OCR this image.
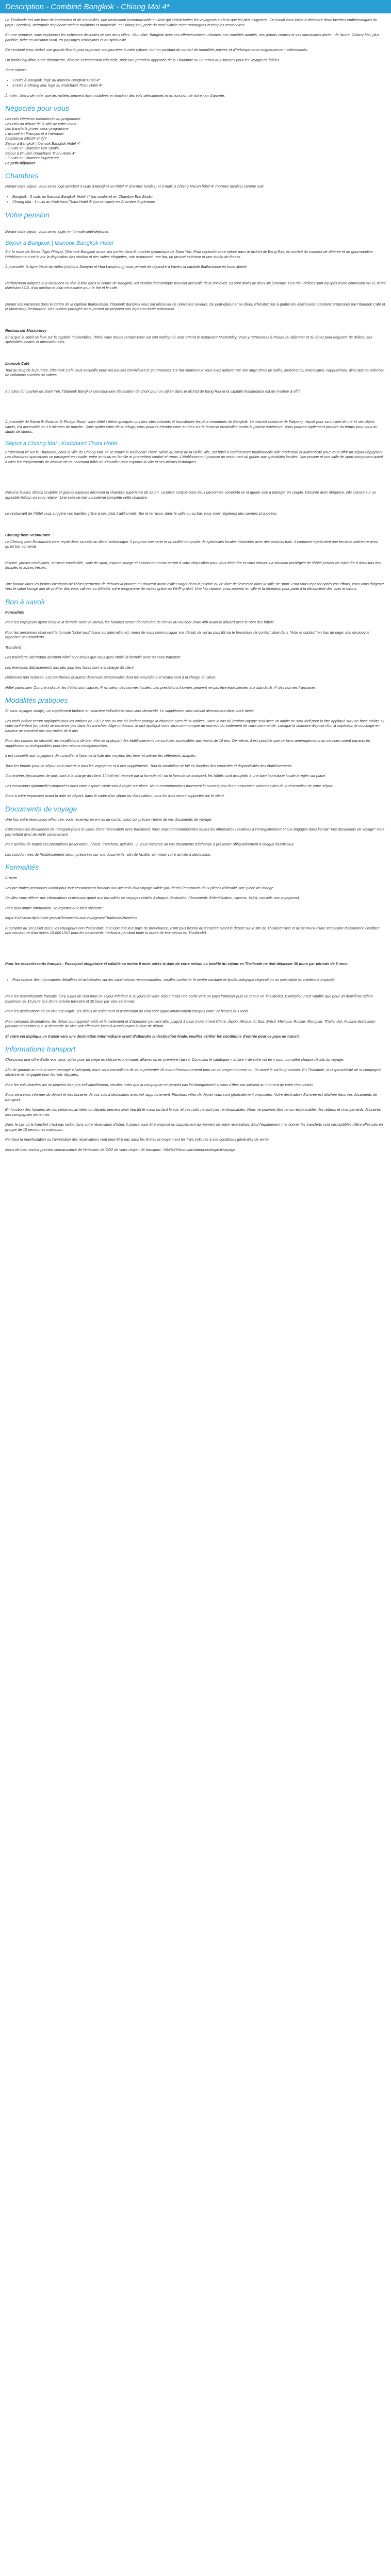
Description - Combiné Bangkok - Chiang Mai 4*

Le Thaïlande est une terre de contrastes et de merveilles, une destination incontournable en Asie qui séduit toutes les voyageurs curieux que les plus exigeants. Ce circuit vous invite à découvrir deux facettes emblématiques du pays : Bangkok, métropole trépidante mêlant traditions et modernité, et Chiang Mai, perle du nord nichée entre montagnes et temples centenaires.

En une semaine, vous explorerez les richesses distinctes de ces deux villes : d'un côté, Bangkok avec ses effervescences urbaines, ses marchés animés, ses grands centres et ses sanctuaires dorés ; de l'autre, Chiang Mai, plus paisible, riche en artisanat local, en paysages verdoyants et en spiritualité.

Ce combiné vous séduit une grande liberté pour organiser vos journées à votre rythme, tout en profitant du confort de modalités privées et d'hébergements soigneusement sélectionnés.

Un parfait équilibre entre découverte, détente et immersion culturelle, pour une première approche de la Thaïlande ou un retour aux sources pour les voyageurs fidèles.

Votre séjour :

• 3 nuits à Bangkok, logé au Ibanook Bangkok Hotel 4*
• 3 nuits à Chiang Mai, logé au Kodchasri Thani Hotel 4*

À noter : Merci de noter que les nuitées peuvent être modulées en fonction des vols sélectionnés et en fonction de votre jour d'arrivée.

Négociés pour vous

Les vols intérieurs mentionnés au programme
Les vols au départ de la ville de votre choix
Les transferts privés selon programme
L'accueil en Français et à l'aéroport
Assistance 24h/24 et 7j/7
Séjour à Bangkok | Ibanook Bangkok Hotel 4*
- 3 nuits en Chambre Eco Studio
Séjour à Phuket | Kodchasri Thani Hotel 4*
- 3 nuits en Chambre Supérieure
Le petit-déjeuner

Chambres

Durant votre séjour, vous serez logé pendant 3 nuits à Bangkok en hôtel 4* (normes locales) et 3 nuits à Chiang Mai en hôtel 4* (normes locales) comme suit:

• Bangkok : 3 nuits au Ibanook Bangkok Hotel 4* (ou similaire) en Chambre Eco Studio
• Chiang Mai : 3 nuits au Kodchasri Thani Hotel 4* (ou similaire) en Chambre Supérieure
Votre pension

Durant votre séjour, vous serez logés en formule petit-déjeuner.

Séjour à Bangkok | Ibanook Bangkok Hotel

Sur la route de Devra (Ngw Phaya), l'Ibanook Bangkok ouvre ses portes dans le quartier dynamique de Siam Yen. Pour rejoindre votre séjour dans le district de Bang Rak, en sortant du moment de détente et de gourmandise, l'établissement est à voir la disposition des studios et des suites élégantes, soir restaurant, une bar, un jacuzzi extérieur et une studio de fitness.

À proximité, la ligne bleue du métro (stations Samyan et Hua Lamphong) vous permet de rejoindre à travers la capitale thaïlandaise en toute liberté.

Parfaitement adaptés aux vacances en tête-à-tête dans le centre de Bangkok, les studios économique peuvent accueillir deux convives. Ils sont dotés de deux lits jumeaux. Des mini-délices sont équipés d'une connexion Wi-Fi, d'une télévision LCD, d'un minibar et d'un nécessaire pour le thé et le café.

Durant vos vacances dans le centre de la capitale thaïlandaise, l'Ibanook Bangkok vous fait découvrir de nouvelles saveurs. De petit-déjeuner au dîner, n'hésitez pas à goûter les délicieuses créations proposées par l'Ibanook Café et le Mooristory Restaurant. Une cuisine partagée vous permet de préparer vos repas en toute autonomie.

Restaurant Mastorkley

Ainsi que le soleil se lève sur la capitale thaïlandaise, l'hôtel vous donne rendez-vous sur son rooftop où vous attend le restaurant Mastorkley. Vous y retrouverez à l'heure du déjeuner et du dîner pour déguster de délicieuses spécialités locales et internationales.

Ibanook Café

Tout au long de la journée, l'Ibanook Café vous accueille pour vos pauses conviviales et gourmandes. Ce bar chaleureux vous avez adopter par son large choix de cafés, américanos, macchiatos, cappuccinos, ainsi que sa sélection de collations sucrées ou salées.

Au cœur du quartier de Siam Yen, l'Ibanook Bangkok constitue une destination de choix pour un séjour dans le district de Bang Rak et la capitale thaïlandaise est de meilleur à offrir.

À proximité de Rama IV Road et Si Phraya Road, votre hôtel s'élève quelques uns des sites culturels et touristiques les plus renommés de Bangkok. Le marché nocturne de Patpong, réputé pour sa cuisine de rue et ses objets variés, est accessible en 15 minutes de marche. Sans quitter votre deux refuge, vous pourrez étendre votre années sur la terrasse ensoleillée tandis la piscine extérieure. Vous pourrez également prendre du temps pour vous au studio de fitness.

Séjour à Chiang Mai | Kodchasri Thani Hotel

Étroitement ici sur le Thaïlande, dans la ville de Chiang Mai, se se trouve le Kodchasri Thani. Niché au cœur de la vieille ville, cet hôtel à l'architecture traditionnelle allie modernité et authenticité pour vous offrir un séjour dépaysant. Les chambres spacieuses se partagent en couple, entre amis ou en famille et promettent confort et repos. L'établissement propose un restaurant où goûter aux spécialités locales. Une piscine et une salle de sport composent quant à elles les équipements de détente de ce charmant hôtel où s'installer pour explorer la ville et ses trésors historiques.

Raisons lavoirs, détails sculptés et grands espaces décrivent la chambre supérieure de 32 m². La pièce conçue pour deux personnes comporte un lit queen size à partager en couple. Décorée avec élégance, elle s'ouvre sur un agréable balcon ou vous relaxer. Une salle de bains moderne complète cette chambre.

Le restaurant de l'hôtel vous suggère vos papilles grâce à ses plats traditionnels. Sur la terrasse, dans le salle ou au bar, vous vous régalerez des saveurs proposées.

Cheung hem Restaurant

Le Cheung hem Restaurant vous reçoit dans sa salle au décor authentique. Il propose une carte et un buffet composés de spécialités locales élaborées avec des produits frais. Il comporte également une terrasse intérieure ainsi qu'un bar convivial.

Piscine, jardins verdoyants, terrasse ensoleillée, salle de sport, espace lounge et saloon communs seront à votre disposition pour vous détendre et vous relaxer. La situation privilégiée de l'hôtel permet de rejoindre à deux pas des temples et autres trésors.

Une balade dans les jardins luxuriants de l'hôtel permettra de débuter la journée en douceur avant d'aller nager dans la piscine ou de faire de l'exercice dans la salle de sport. Pour vous reposer après vos efforts, vous vous dirigerez vers le salon lounge afin de profiter des vous calmes ou d'établir votre programme de visites grâce au Wi-Fi gratuit. Une fois reposé, vous pourrez en ville et la réception pour partir à la découverte des vues environs.

Bon à savoir

Formalités

Pour les voyageurs ayant réservé la formule avec vol inclus, les horaires seront donnés lors de l'envoi du voucher (max 48h avant le départ) avec le nom des hôtels.

Pour les personnes réservant la formule "hôtel seul" (sans vol international), merci de nous communiquer vos détails de vol au plus tôt via le formulaire de contact situé dans "Aide et contact" en bas de page, afin de pouvoir organiser vos transferts.

Transferts

Les transferts aller/retour aéroport-hôtel sont inclus que vous ayez choisi la formule avec ou sans transport.

Les éventuels déplacements lors des journées libres sont à la charge du client.

Dépenses non incluses: Les pourboires et autres dépenses personnelles dont les excursions et visites sont à la charge du client.

Hôtel partenaire: Comme indiqué, les hôtels sont classés 4* en selon des normes locales. Les prestations fournies peuvent ne pas être équivalentes aux standards 4* des normes françaises.

Modalités pratiques

Si vous voyagez seul(e), un supplément tarifaire en chambre individuelle vous sera demandé. Le supplément sera calculé directement dans votre devis.

Les lords enfant seront appliqués pour les enfants de 2 à 12 ans au cas où l'enfant partage la chambre avec deux adultes. Dans le cas où l'enfant voyage seul avec un adulte ne sera tarif pour la titre appliqué sur une base adulte. Si votre tarif enfant (ou bébé) ne remercie pas dans les tranches d'âge ci-dessus, le tarif appliqué vous sera communiqué au moment du traitement de votre commande. Lorsque la chambre dispose d'un lit supérieur, le couchage en hauteur ne convient pas aux moins de 6 ans.

Pour des raisons de sécurité, les installations de bien-être de la plupart des établissements ne sont pas accessibles aux moins de 16 ans. De même, il est possible que certains aménagements ou services soient payants en supplément ou indisponibles pour des raisons exceptionnelles.

Il est conseillé aux voyageurs de consulter à l'avance la liste des moyens des lieux et prévoir les vêtements adaptés.

Tous les forfaits pour ce séjour sont ouverts à tous les voyageurs et à des suppléments. Tout la circulation se fait en fonction des capacités et disponibilités des établissements.

Vos entrées (excursions de jour) sont à la charge du client. L'hôtel est réservé par la formule et / ou la formule de transport, les hôtels sont assujettis à une taxe touristique locale à régler sur place.

Les excursions optionnelles proposées dans votre espace client sont à régler sur place. Nous recommandons fortement la souscription d'une assurance vacances lors de la réservation de votre séjour.

Sous à votre expansion avant la date de départ, dans le cadre d'un séjour ou d'annulation, tous les frais seront supportés par le client.

Documents de voyage

Une fois votre réservation effectuée, vous recevrez un e-mail de confirmation qui précise l'envoi de vos documents de voyage.

Concernant les documents de transport (dans le cadre d'une réservation avec transport), nous vous communiquerons toutes les informations relatives à l'enregistrement et aux bagages dans l'email "Vos documents de voyage" vous permettant ainsi de partir sereinement.

Pour profiter de toutes vos prestations (réservation, hôtels, transferts, activités...), vous recevrez un vos documents d'échange à présenter obligatoirement à chaque fournisseur.

Les coordonnées de l'établissement seront précisées sur vos documents, afin de faciliter au mieux votre arrivée à destination.

Formalités

Arrivée

Les pre-toutes personnes valent pour tout ressortissant français aux accueils d'un voyage validé par Pierre/Zénorrando deux pièces d'identité, une pièce de change.

Veuillez vous référer aux informations ci-dessous quant aux formalités de voyages relatifs à chaque destination (documents d'identification, vaccins, VISA, conseils aux voyageurs).

Pour plus ample information, se reporter aux sites suivants :

https:XXX/www.diplomatie.gouv.fr/fr/conseils-aux-voyageurs/Thaïlande/Numéros

À compter du 1er juillet 2023, les voyageurs non thaïlandais, quel que soit leur pays de provenance, n'ont plus besoin de s'inscrire avant le départ sur le site de Thailand Pass et de se munir d'une attestation d'assurance certifiant une couverture d'au moins 10.000 USD pour les traitements médicaux pendant toute la durée de leur séjour en Thaïlande).

Pour les ressortissants français : Passeport obligatoire et valable au moins 6 mois après la date de votre retour. La totalité du séjour en Thaïlande ne doit dépasser 30 jours par période de 6 mois.

• Pour obtenir des informations détaillées et actualisées sur les vaccinations recommandées, veuillez contacter le centre sanitaire et épidémiologique régional ou un spécialiste en médecine tropicale.

Pour les ressortissants français, il n'y a pas de visa pour un séjour inférieur à 30 jours (si votre séjour inclut une sortie vers un pays frontalier puis un retour en Thaïlande). Exemption n'est valable que pour un deuxième séjour maximum de 15 jours lors d'une arrivée terrestre et 30 jours par voie aérienne).

Pour les destinations où un visa est requis, les délais de traitement et d'obtention de visa sont approximativement compris entre 72 heures et 1 mois.

Pour certaines destinations, les délais sont approximatifs et le traitement et d'obtention peuvent aller jusqu'à 3 mois (notamment Chine, Japon, Afrique du Sud, Brésil, Mexique, Russie, Mongolie, Thaïlande). Aucune destination pouvant nécessiter que la demande de visa soit effectuée jusqu'à 4 mois avant la date de départ.

Si votre vol implique un transit vers une destination intermédiaire avant d'atteindre la destination finale, veuillez vérifier les conditions d'entrée pour ce pays en transit.

Informations transport

Choisissez une offre d'aller-vos ceux, optez pour un siège en classe économique, affaires ou en première classe. Consultez le catalogue « affaire » de votre vol en « pour connaître chaque détails du voyage.

Afin de garantir au mieux votre passage à l'aéroport, nous vous conseillons de vous présenter 2h avant l'embarquement pour un vol moyen-courrier ou, 3h avant le vol long-courrier. En Thaïlande, la responsabilité de la compagnie aérienne est engagée pour les vols réguliers.

Pour les vols charters qui ne peuvent être pris individuellement, veuillez noter que la compagnie ne garantit pas l'embarquement si vous n'êtes pas présent au moment de votre réservation.

Sous sera vous informer du départ et des horaires de vos vols à destination avec vol rapprochement. Plusieurs villes de départ vous sont généralement proposées. Votre destination d'arrivée est affichée dans vos documents de transport.

En fonction des horaires de vol, certaines arrivées ou départs peuvent avoir lieu tôt le matin ou tard le soir, et ces nuits ne sont pas remboursables. Nous ne pouvons être tenus responsables des retards et changements d'horaires des compagnies aériennes.

Dans le cas où le transfert n'est pas inclus dans votre réservation d'hôtel, il pourra vous être proposé en supplément au moment de votre réservation. Seul l'équipement mentionné, les transferts sont susceptibles d'être effectués en groupe de 10 personnes maximum.

Pendant la manifestation ou l'annulation des réservations vont peut-être pas dans les limites et moyennant les frais indiqués à vos conditions générales de vente.

Merci de bien vouloir prendre connaissance de l'émission de CO2 de votre moyen de transport : http/XXX/eco-calculateur.ecologie.fr/voyage
